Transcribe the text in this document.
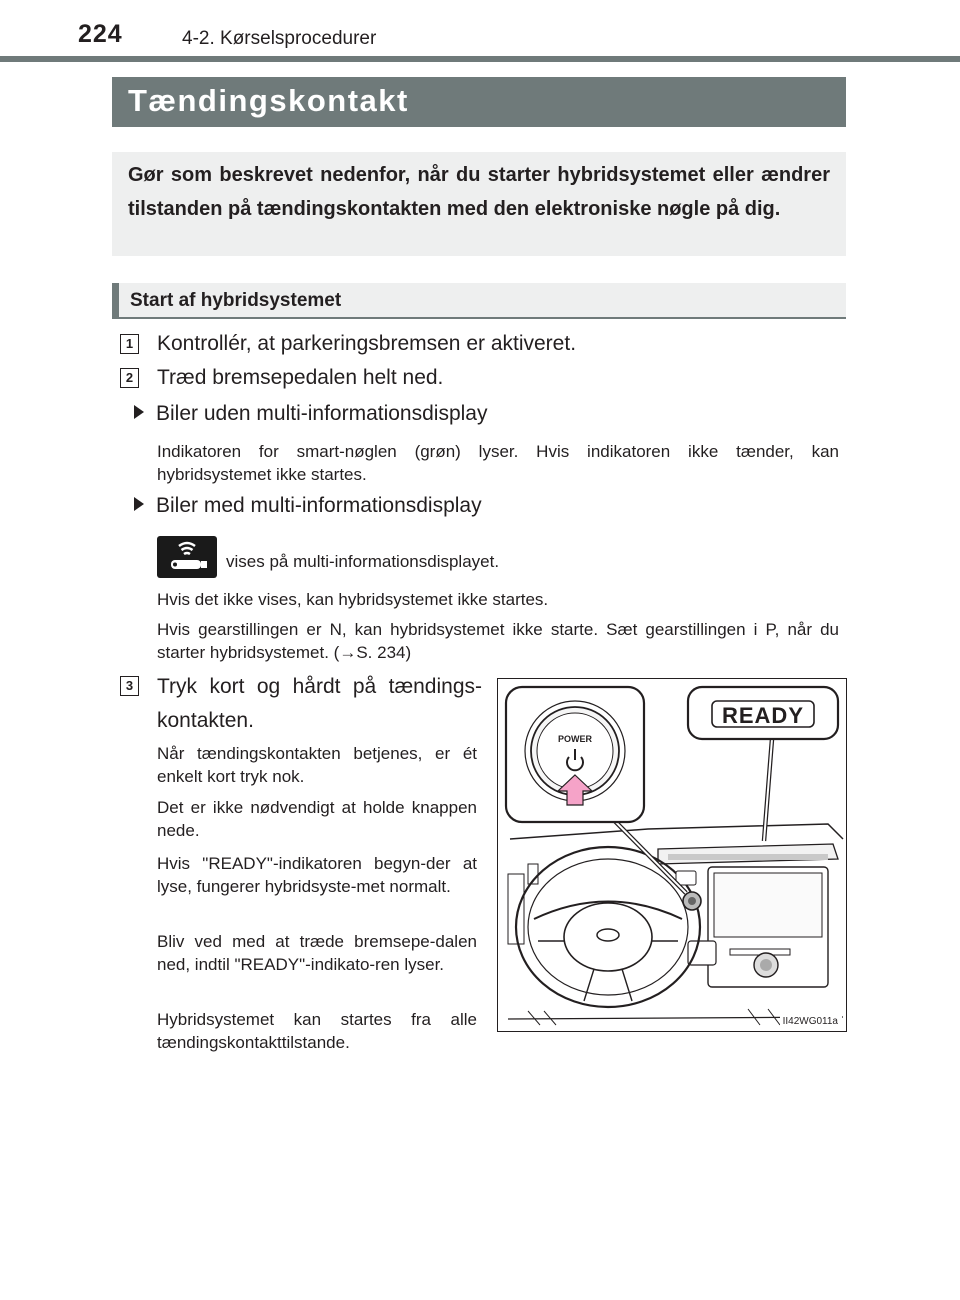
224	4-2. Kørselsprocedurer
Tændingskontakt

Gør som beskrevet nedenfor, når du starter hybridsystemet eller ændrer tilstanden på tændingskontakten med den elektroniske nøgle på dig.

Start af hybridsystemet
1 Kontrollér, at parkeringsbremsen er aktiveret.
2 Træd bremsepedalen helt ned.
Biler uden multi-informationsdisplay
Indikatoren for smart-nøglen (grøn) lyser. Hvis indikatoren ikke tænder, kan hybridsystemet ikke startes.
Biler med multi-informationsdisplay
vises på multi-informationsdisplayet.
Hvis det ikke vises, kan hybridsystemet ikke startes.
Hvis gearstillingen er N, kan hybridsystemet ikke starte. Sæt gearstillingen i P, når du starter hybridsystemet. (→S. 234)
3 Tryk kort og hårdt på tændings-kontakten.
Når tændingskontakten betjenes, er ét enkelt kort tryk nok.
Det er ikke nødvendigt at holde knappen nede.
Hvis "READY"-indikatoren begyn-der at lyse, fungerer hybridsyste-met normalt.
Bliv ved med at træde bremsepe-dalen ned, indtil "READY"-indikato-ren lyser.
Hybridsystemet kan startes fra alle tændingskontakttilstande.
POWER
READY
II42WG011a
